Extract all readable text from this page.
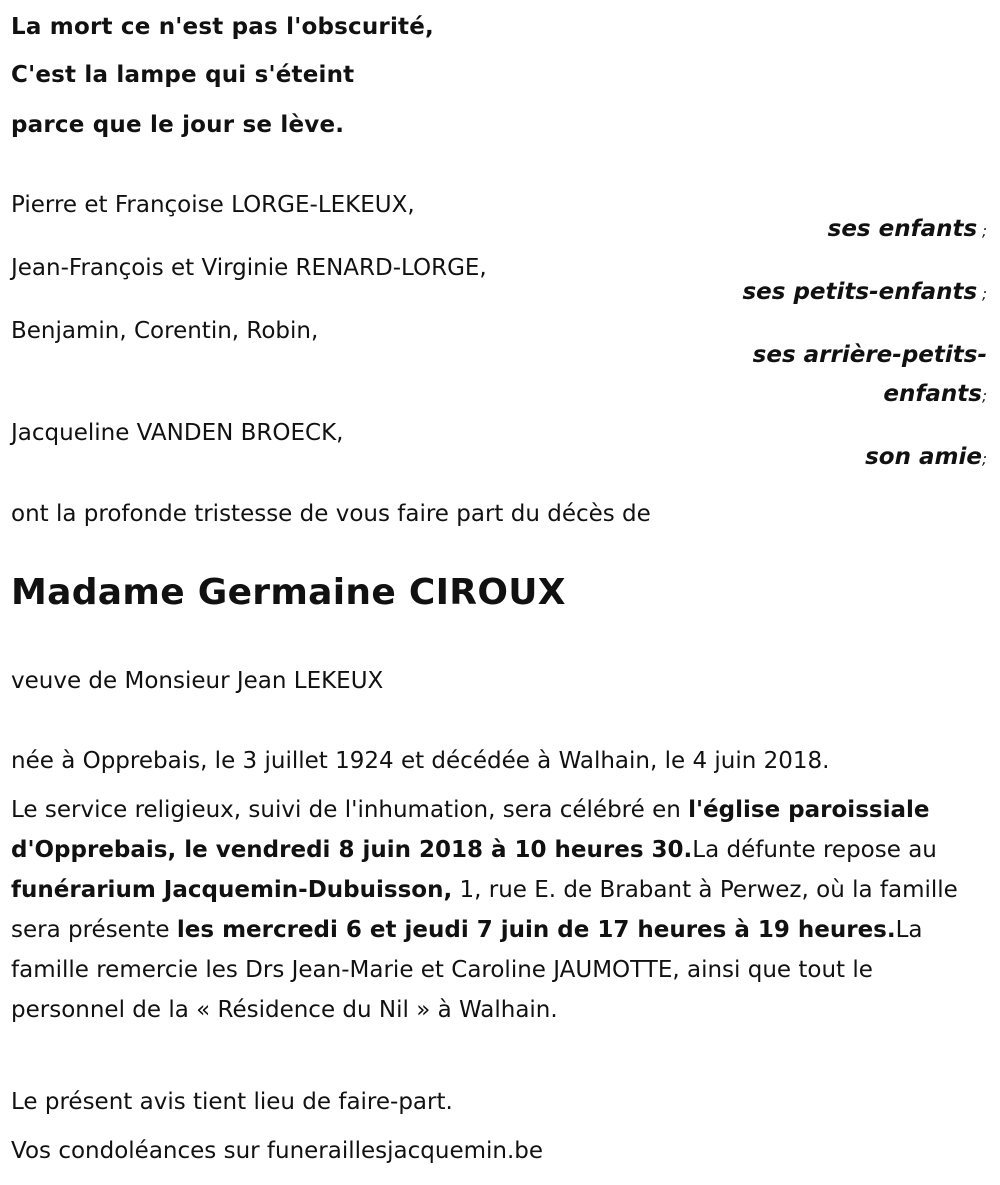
La mort ce n'est pas l'obscurité,
C'est la lampe qui s'éteint
parce que le jour se lève.
Pierre et Françoise LORGE-LEKEUX,
ses enfants ;
Jean-François et Virginie RENARD-LORGE,
ses petits-enfants ;
Benjamin, Corentin, Robin,
ses arrière-petits-
enfants;
Jacqueline VANDEN BROECK,
son amie;
ont la profonde tristesse de vous faire part du décès de
Madame Germaine CIROUX
veuve de Monsieur Jean LEKEUX
née à Opprebais, le 3 juillet 1924 et décédée à Walhain, le 4 juin 2018.
Le service religieux, suivi de l'inhumation, sera célébré en l'église paroissiale d'Opprebais, le vendredi 8 juin 2018 à 10 heures 30.La défunte repose au funérarium Jacquemin-Dubuisson, 1, rue E. de Brabant à Perwez, où la famille sera présente les mercredi 6 et jeudi 7 juin de 17 heures à 19 heures.La famille remercie les Drs Jean-Marie et Caroline JAUMOTTE, ainsi que tout le personnel de la « Résidence du Nil » à Walhain.
Le présent avis tient lieu de faire-part.
Vos condoléances sur funeraillesjacquemin.be
